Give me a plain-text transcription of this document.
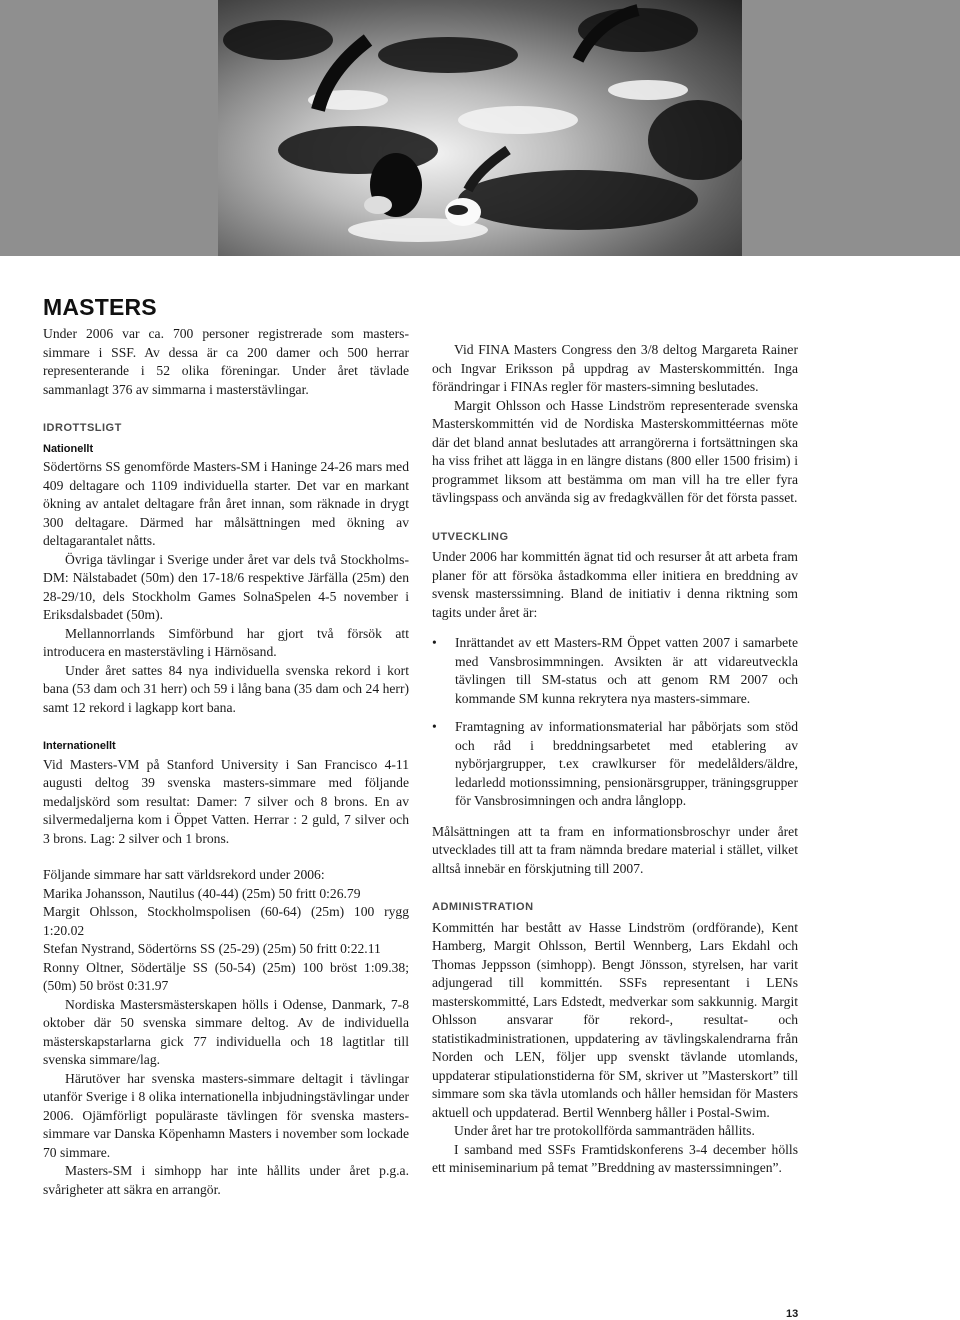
MASTERS

Under 2006 var ca. 700 personer registrerade som masters-simmare i SSF. Av dessa är ca 200 damer och 500 herrar representerande i 52 olika föreningar. Under året tävlade sammanlagt 376 av simmarna i masterstävlingar.

IDROTTSLIGT
Nationellt

Södertörns SS genomförde Masters-SM i Haninge 24-26 mars med 409 deltagare och 1109 individuella starter. Det var en markant ökning av antalet deltagare från året innan, som räknade in drygt 300 deltagare. Därmed har målsättningen med ökning av deltagarantalet nåtts.

Övriga tävlingar i Sverige under året var dels två Stockholms-DM: Nälstabadet (50m) den 17-18/6 respektive Järfälla (25m) den 28-29/10, dels Stockholm Games SolnaSpelen 4-5 november i Eriksdalsbadet (50m).

Mellannorrlands Simförbund har gjort två försök att introducera en masterstävling i Härnösand.

Under året sattes 84 nya individuella svenska rekord i kort bana (53 dam och 31 herr) och 59 i lång bana (35 dam och 24 herr) samt 12 rekord i lagkapp kort bana.

Internationellt

Vid Masters-VM på Stanford University i San Francisco 4-11 augusti deltog 39 svenska masters-simmare med följande medaljskörd som resultat: Damer: 7 silver och 8 brons. En av silvermedaljerna kom i Öppet Vatten. Herrar : 2 guld, 7 silver och 3 brons. Lag: 2 silver och 1 brons.

Följande simmare har satt världsrekord under 2006:

Marika Johansson, Nautilus (40-44) (25m) 50 fritt 0:26.79

Margit Ohlsson, Stockholmspolisen (60-64) (25m) 100 rygg 1:20.02

Stefan Nystrand, Södertörns SS (25-29) (25m) 50 fritt 0:22.11

Ronny Oltner, Södertälje SS (50-54) (25m) 100 bröst 1:09.38; (50m) 50 bröst 0:31.97

Nordiska Mastersmästerskapen hölls i Odense, Danmark, 7-8 oktober där 50 svenska simmare deltog. Av de individuella mästerskapstarlarna gick 77 individuella och 18 lagtitlar till svenska simmare/lag.

Härutöver har svenska masters-simmare deltagit i tävlingar utanför Sverige i 8 olika internationella inbjudningstävlingar under 2006. Ojämförligt populäraste tävlingen för svenska masters-simmare var Danska Köpenhamn Masters i november som lockade 70 simmare.

Masters-SM i simhopp har inte hållits under året p.g.a. svårigheter att säkra en arrangör.

Vid FINA Masters Congress den 3/8 deltog Margareta Rainer och Ingvar Eriksson på uppdrag av Masterskommittén. Inga förändringar i FINAs regler för masters-simning beslutades.

Margit Ohlsson och Hasse Lindström representerade svenska Masterskommittén vid de Nordiska Masterskommittéernas möte där det bland annat beslutades att arrangörerna i fortsättningen ska ha viss frihet att lägga in en längre distans (800 eller 1500 frisim) i programmet liksom att bestämma om man vill ha tre eller fyra tävlingspass och använda sig av fredagkvällen för det första passet.

UTVECKLING

Under 2006 har kommittén ägnat tid och resurser åt att arbeta fram planer för att försöka åstadkomma eller initiera en breddning av svensk masterssimning. Bland de initiativ i denna riktning som tagits under året är:

• Inrättandet av ett Masters-RM Öppet vatten 2007 i samarbete med Vansbrosimmningen. Avsikten är att vidareutveckla tävlingen till SM-status och att genom RM 2007 och kommande SM kunna rekrytera nya masters-simmare.
• Framtagning av informationsmaterial har påbörjats som stöd och råd i breddningsarbetet med etablering av nybörjargrupper, t.ex crawlkurser för medelålders/äldre, ledarledd motionssimning, pensionärsgrupper, träningsgrupper för Vansbrosimningen och andra långlopp.

Målsättningen att ta fram en informationsbroschyr under året utvecklades till att ta fram nämnda bredare material i stället, vilket alltså innebär en förskjutning till 2007.

ADMINISTRATION

Kommittén har bestått av Hasse Lindström (ordförande), Kent Hamberg, Margit Ohlsson, Bertil Wennberg, Lars Ekdahl och Thomas Jeppsson (simhopp). Bengt Jönsson, styrelsen, har varit adjungerad till kommittén. SSFs representant i LENs masterskommitté, Lars Edstedt, medverkar som sakkunnig. Margit Ohlsson ansvarar för rekord-, resultat- och statistikadministrationen, uppdatering av tävlingskalendrarna från Norden och LEN, följer upp svenskt tävlande utomlands, uppdaterar stipulationstiderna för SM, skriver ut ”Masterskort” till simmare som ska tävla utomlands och håller hemsidan för Masters aktuell och uppdaterad. Bertil Wennberg håller i Postal-Swim.

Under året har tre protokollförda sammanträden hållits.

I samband med SSFs Framtidskonferens 3-4 december hölls ett miniseminarium på temat ”Breddning av masterssimningen”.

13
